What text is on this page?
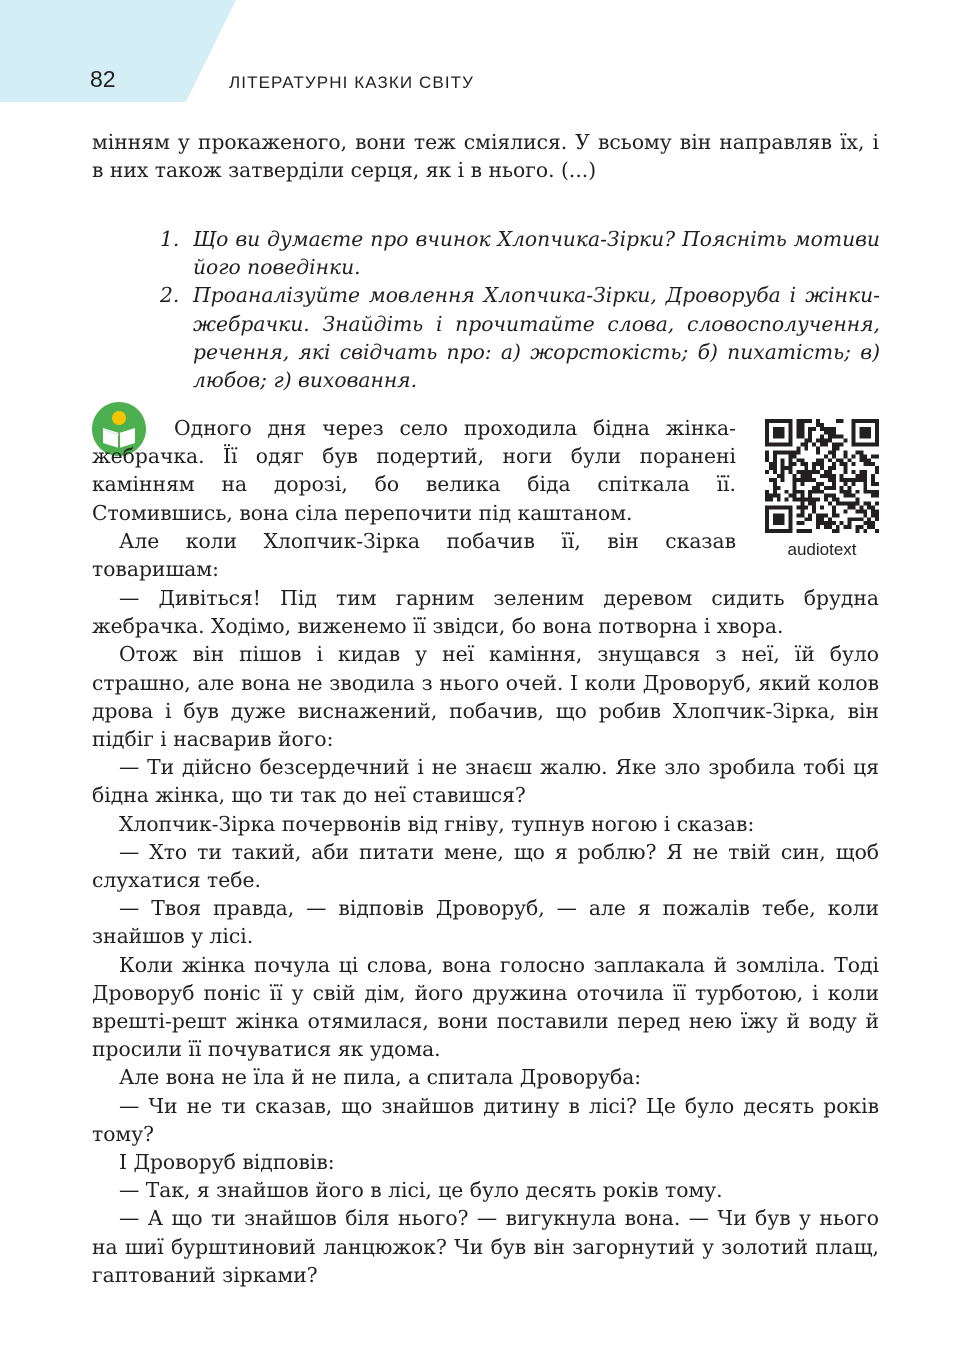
82	ЛІТЕРАТУРНІ КАЗКИ СВІТУ

мінням у прокаженого, вони теж сміялися. У всьому він направляв їх, і в них також затверділи серця, як і в нього. (...)

1. Що ви думаєте про вчинок Хлопчика-Зірки? Поясніть мотиви його поведінки.
2. Проаналізуйте мовлення Хлопчика-Зірки, Дроворуба і жінки-жебрачки. Знайдіть і прочитайте слова, словосполучення, речення, які свідчать про: а) жорстокість; б) пихатість; в) любов; г) виховання.
audiotext

Одного дня через село проходила бідна жінка-жебрачка. Її одяг був подертий, ноги були поранені камінням на дорозі, бо велика біда спіткала її. Стомившись, вона сіла перепочити під каштаном.

Але коли Хлопчик-Зірка побачив її, він сказав товаришам:

— Дивіться! Під тим гарним зеленим деревом сидить брудна жебрачка. Ходімо, виженемо її звідси, бо вона потворна і хвора.

Отож він пішов і кидав у неї каміння, знущався з неї, їй було страшно, але вона не зводила з нього очей. І коли Дроворуб, який колов дрова і був дуже виснажений, побачив, що робив Хлопчик-Зірка, він підбіг і насварив його:

— Ти дійсно безсердечний і не знаєш жалю. Яке зло зробила тобі ця бідна жінка, що ти так до неї ставишся?

Хлопчик-Зірка почервонів від гніву, тупнув ногою і сказав:

— Хто ти такий, аби питати мене, що я роблю? Я не твій син, щоб слухатися тебе.

— Твоя правда, — відповів Дроворуб, — але я пожалів тебе, коли знайшов у лісі.

Коли жінка почула ці слова, вона голосно заплакала й зомліла. Тоді Дроворуб поніс її у свій дім, його дружина оточила її турботою, і коли врешті-решт жінка отямилася, вони поставили перед нею їжу й воду й просили її почуватися як удома.

Але вона не їла й не пила, а спитала Дроворуба:

— Чи не ти сказав, що знайшов дитину в лісі? Це було десять років тому?

І Дроворуб відповів:

— Так, я знайшов його в лісі, це було десять років тому.

— А що ти знайшов біля нього? — вигукнула вона. — Чи був у нього на шиї бурштиновий ланцюжок? Чи був він загорнутий у золотий плащ, гаптований зірками?
